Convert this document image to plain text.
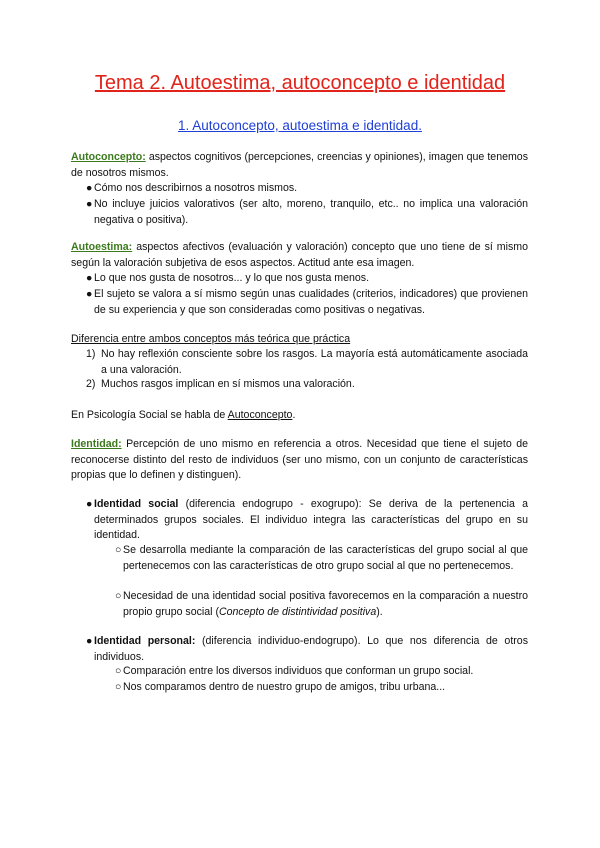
Tema 2. Autoestima, autoconcepto e identidad
1. Autoconcepto, autoestima e identidad.
Autoconcepto: aspectos cognitivos (percepciones, creencias y opiniones), imagen que tenemos de nosotros mismos.
● Cómo nos describirnos a nosotros mismos.
● No incluye juicios valorativos (ser alto, moreno, tranquilo, etc.. no implica una valoración negativa o positiva).
Autoestima: aspectos afectivos (evaluación y valoración) concepto que uno tiene de sí mismo según la valoración subjetiva de esos aspectos. Actitud ante esa imagen.
● Lo que nos gusta de nosotros... y lo que nos gusta menos.
● El sujeto se valora a sí mismo según unas cualidades (criterios, indicadores) que provienen de su experiencia y que son consideradas como positivas o negativas.
Diferencia entre ambos conceptos más teórica que práctica
1) No hay reflexión consciente sobre los rasgos. La mayoría está automáticamente asociada a una valoración.
2) Muchos rasgos implican en sí mismos una valoración.
En Psicología Social se habla de Autoconcepto.
Identidad: Percepción de uno mismo en referencia a otros. Necesidad que tiene el sujeto de reconocerse distinto del resto de individuos (ser uno mismo, con un conjunto de características propias que lo definen y distinguen).
● Identidad social (diferencia endogrupo - exogrupo): Se deriva de la pertenencia a determinados grupos sociales. El individuo integra las características del grupo en su identidad.
○ Se desarrolla mediante la comparación de las características del grupo social al que pertenecemos con las características de otro grupo social al que no pertenecemos.
○ Necesidad de una identidad social positiva favorecemos en la comparación a nuestro propio grupo social (Concepto de distintividad positiva).
● Identidad personal: (diferencia individuo-endogrupo). Lo que nos diferencia de otros individuos.
○ Comparación entre los diversos individuos que conforman un grupo social.
○ Nos comparamos dentro de nuestro grupo de amigos, tribu urbana...
